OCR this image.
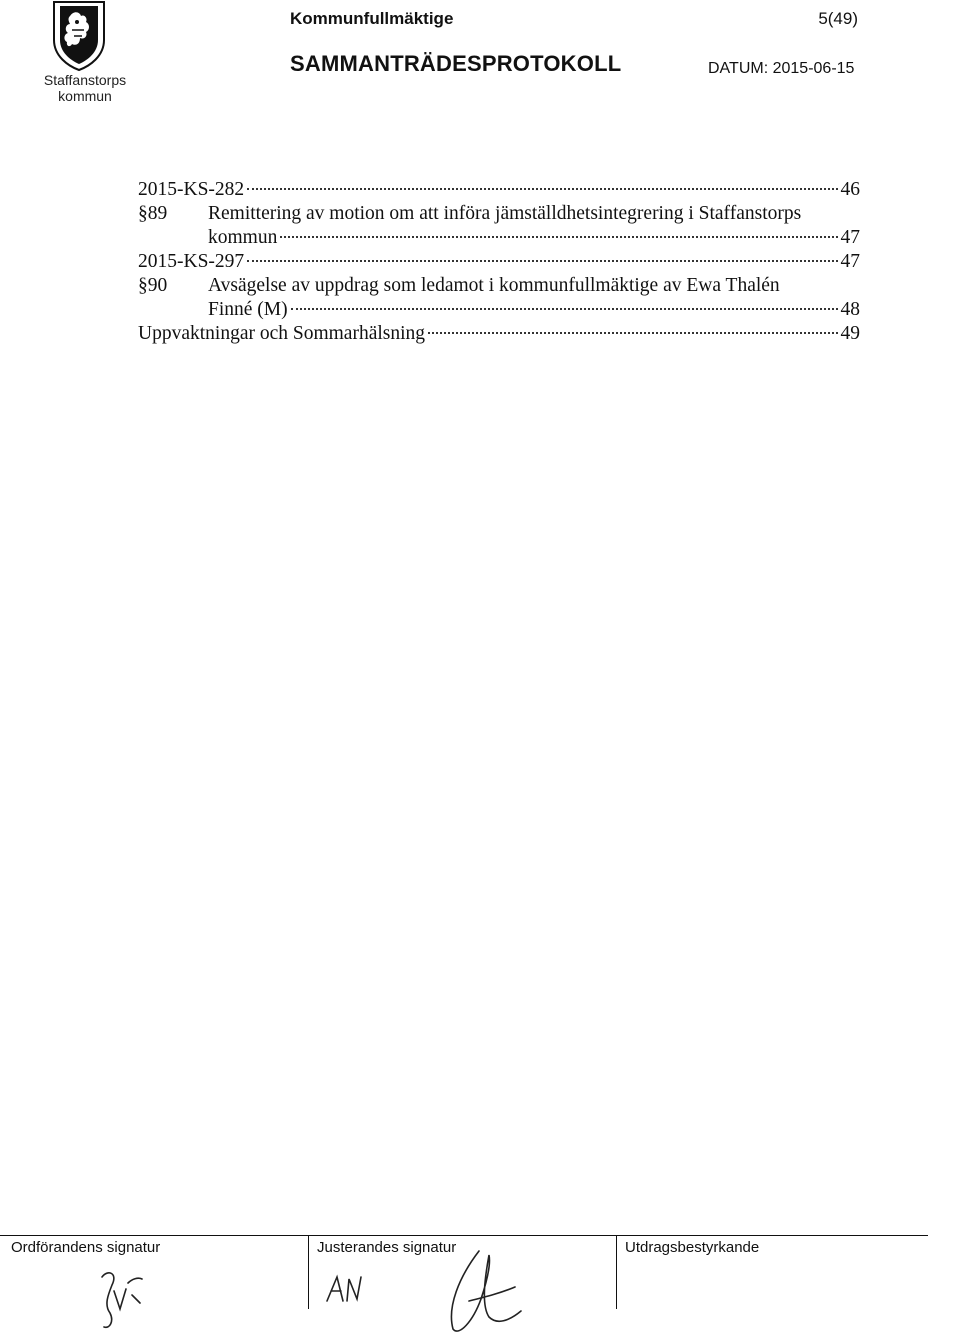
Staffanstorps
kommun
Kommunfullmäktige	5(49)
SAMMANTRÄDESPROTOKOLL	DATUM: 2015-06-15
2015-KS-282	46
§89	Remittering av motion om att införa jämställdhetsintegrering i Staffanstorps
kommun	47
2015-KS-297	47
§90	Avsägelse av uppdrag som ledamot i kommunfullmäktige av Ewa Thalén
Finné (M)	48
Uppvaktningar och Sommarhälsning	49
Ordförandens signatur	Justerandes signatur	Utdragsbestyrkande
